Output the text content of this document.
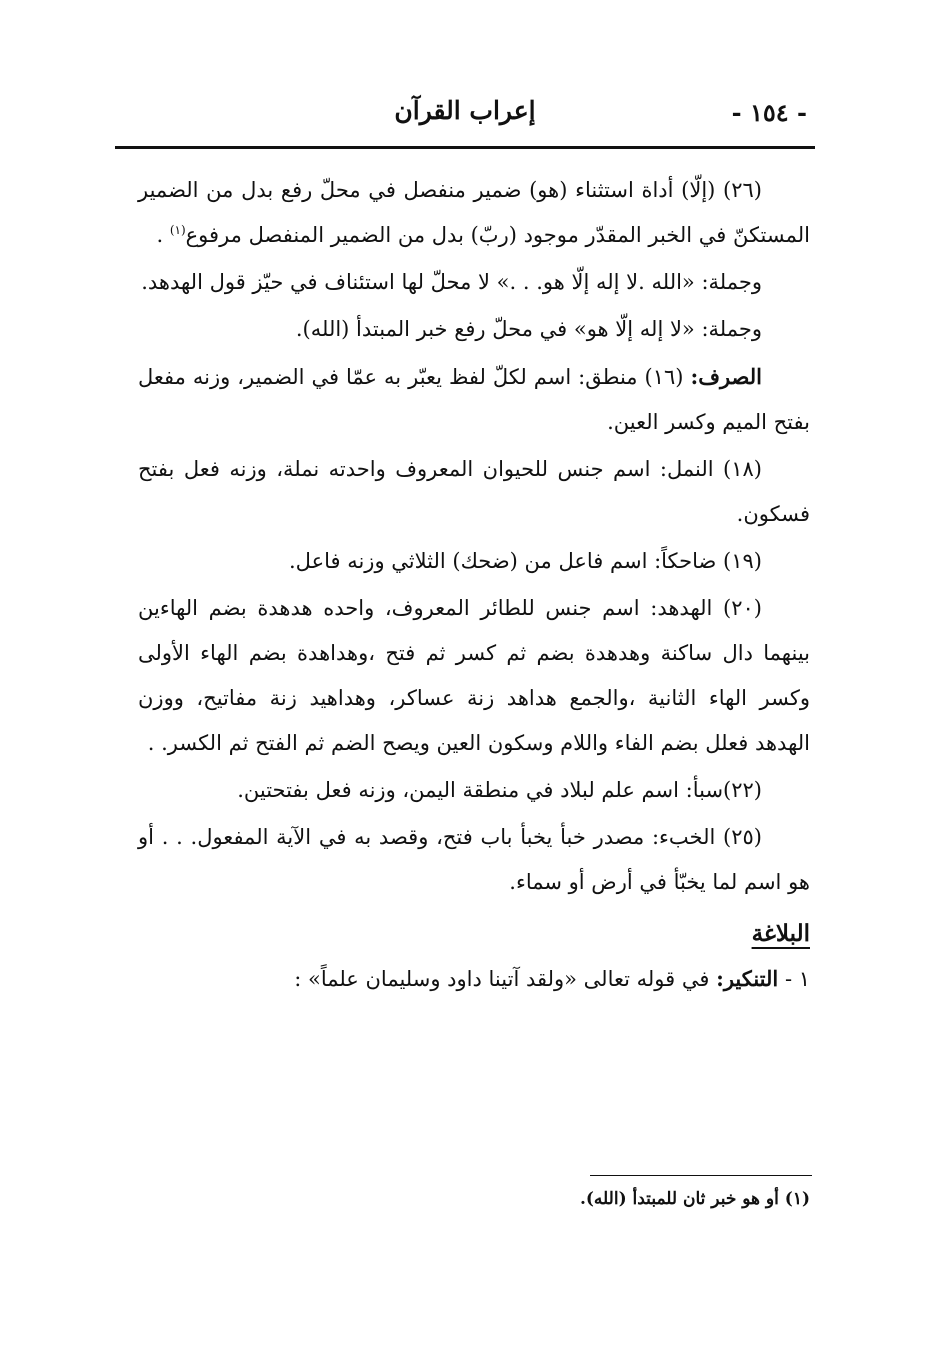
- ١٥٤ -
إعراب القرآن

(٢٦) (إلّا) أداة استثناء (هو) ضمير منفصل في محلّ رفع بدل من الضمير المستكنّ في الخبر المقدّر موجود (ربّ) بدل من الضمير المنفصل مرفوع$^{(١)}$ .

وجملة: «الله .لا إله إلّا هو. . .» لا محلّ لها استئناف في حيّز قول الهدهد.

وجملة: «لا إله إلّا هو» في محلّ رفع خبر المبتدأ (الله).

الصرف: (١٦) منطق: اسم لكلّ لفظ يعبّر به عمّا في الضمير، وزنه مفعل بفتح الميم وكسر العين.

(١٨) النمل: اسم جنس للحيوان المعروف واحدته نملة، وزنه فعل بفتح فسكون.

(١٩) ضاحكاً: اسم فاعل من (ضحك) الثلاثي وزنه فاعل.

(٢٠) الهدهد: اسم جنس للطائر المعروف، واحده هدهدة بضم الهاءين بينهما دال ساكنة وهدهدة بضم ثم كسر ثم فتح ،وهداهدة بضم الهاء الأولى وكسر الهاء الثانية ،والجمع هداهد زنة عساكر، وهداهيد زنة مفاتيح، ووزن الهدهد فعلل بضم الفاء واللام وسكون العين ويصح الضم ثم الفتح ثم الكسر. .

(٢٢)سبأ: اسم علم لبلاد في منطقة اليمن، وزنه فعل بفتحتين.

(٢٥) الخبء: مصدر خبأ يخبأ باب فتح، وقصد به في الآية المفعول. . . أو هو اسم لما يخبّأ في أرض أو سماء.

البلاغة

١ - التنكير: في قوله تعالى «ولقد آتينا داود وسليمان علماً» :

(١) أو هو خبر ثان للمبتدأ (الله).
